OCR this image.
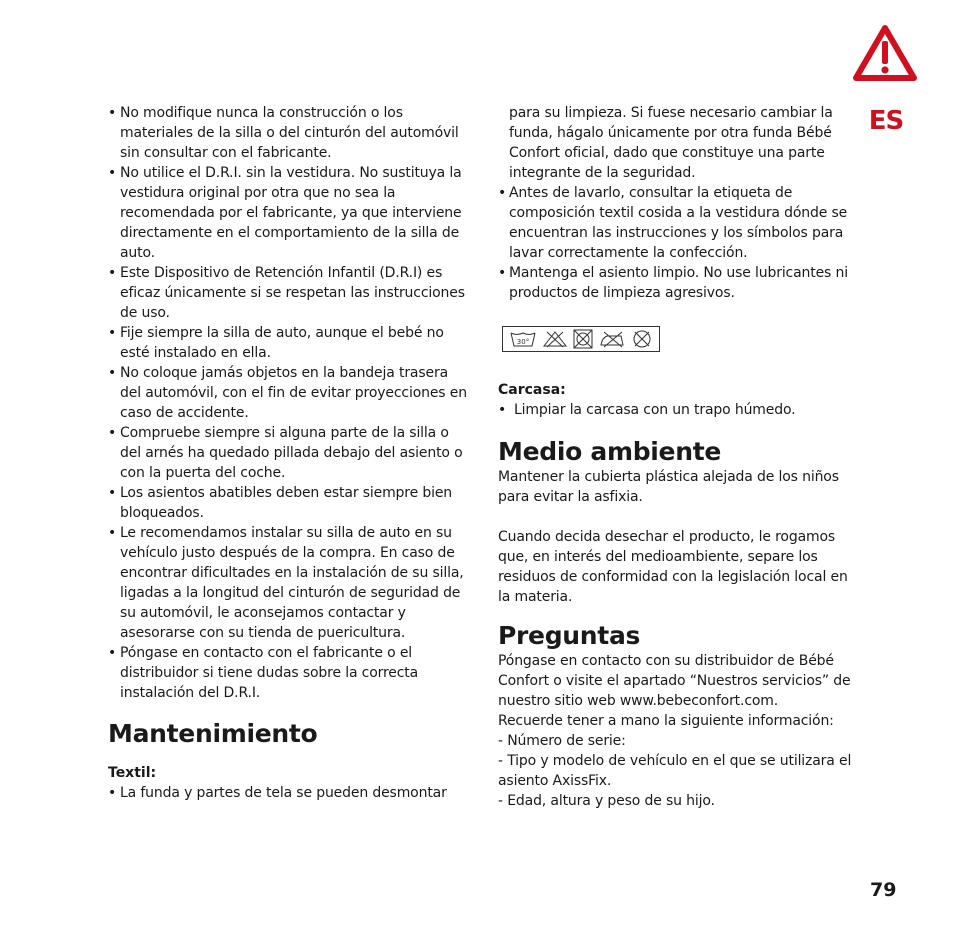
ES
• No modifique nunca la construcción o los materiales de la silla o del cinturón del automóvil sin consultar con el fabricante.
• No utilice el D.R.I. sin la vestidura. No sustituya la vestidura original por otra que no sea la recomendada por el fabricante, ya que interviene directamente en el comportamiento de la silla de auto.
• Este Dispositivo de Retención Infantil (D.R.I) es eficaz únicamente si se respetan las instrucciones de uso.
• Fije siempre la silla de auto, aunque el bebé no esté instalado en ella.
• No coloque jamás objetos en la bandeja trasera del automóvil, con el fin de evitar proyecciones en caso de accidente.
• Compruebe siempre si alguna parte de la silla o del arnés ha quedado pillada debajo del asiento o con la puerta del coche.
• Los asientos abatibles deben estar siempre bien bloqueados.
• Le recomendamos instalar su silla de auto en su vehículo justo después de la compra. En caso de encontrar dificultades en la instalación de su silla, ligadas a la longitud del cinturón de seguridad de su automóvil, le aconsejamos contactar y asesorarse con su tienda de puericultura.
• Póngase en contacto con el fabricante o el distribuidor si tiene dudas sobre la correcta instalación del D.R.I.
Mantenimiento

Textil:

• La funda y partes de tela se pueden desmontar
para su limpieza. Si fuese necesario cambiar la funda, hágalo únicamente por otra funda Bébé Confort oficial, dado que constituye una parte integrante de la seguridad.
• Antes de lavarlo, consultar la etiqueta de composición textil cosida a la vestidura dónde se encuentran las instrucciones y los símbolos para lavar correctamente la confección.
• Mantenga el asiento limpio. No use lubricantes ni productos de limpieza agresivos.
30°

Carcasa:

• Limpiar la carcasa con un trapo húmedo.
Medio ambiente

Mantener la cubierta plástica alejada de los niños para evitar la asfixia.

Cuando decida desechar el producto, le rogamos que, en interés del medioambiente, separe los residuos de conformidad con la legislación local en la materia.

Preguntas

Póngase en contacto con su distribuidor de Bébé Confort o visite el apartado “Nuestros servicios” de nuestro sitio web www.bebeconfort.com.

Recuerde tener a mano la siguiente información:

- Número de serie:

- Tipo y modelo de vehículo en el que se utilizara el asiento AxissFix.

- Edad, altura y peso de su hijo.

79
